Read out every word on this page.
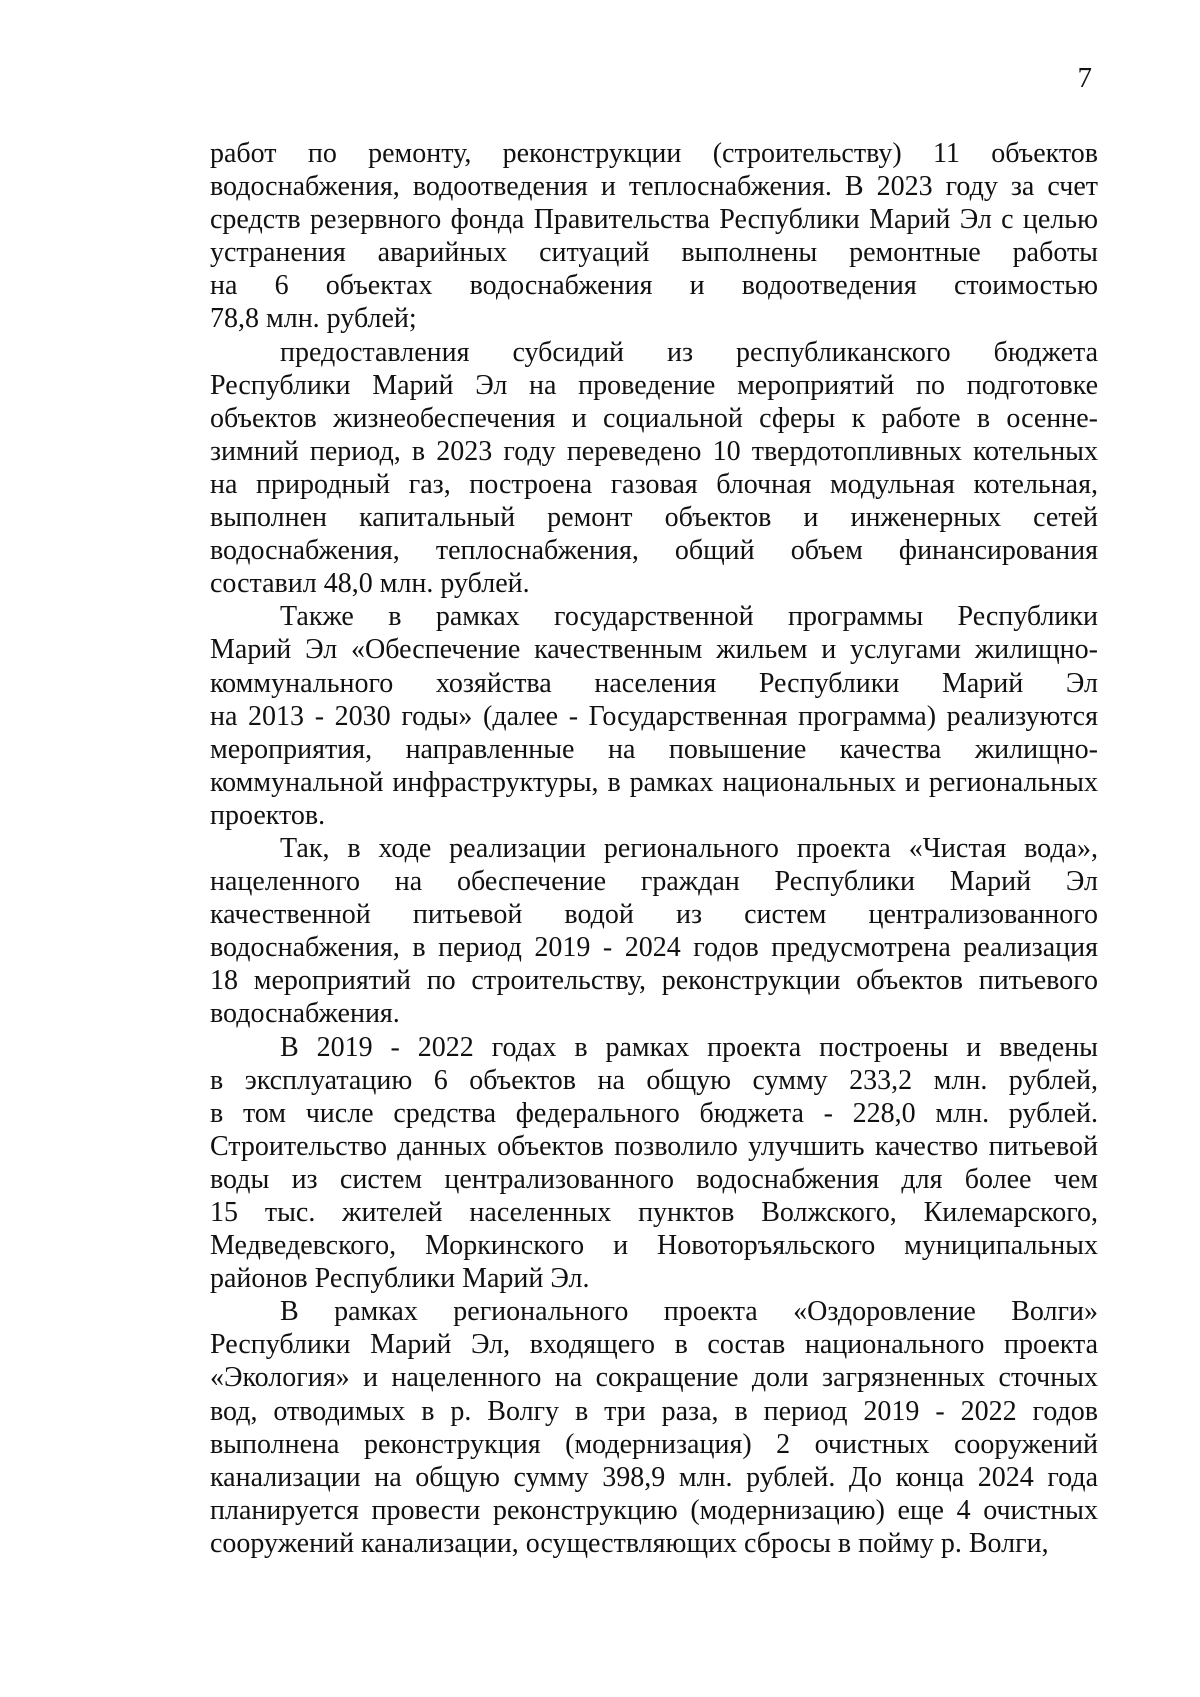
7
работ по ремонту, реконструкции (строительству) 11 объектов
водоснабжения, водоотведения и теплоснабжения. В 2023 году за счет
средств резервного фонда Правительства Республики Марий Эл с целью
устранения аварийных ситуаций выполнены ремонтные работы
на 6 объектах водоснабжения и водоотведения стоимостью
78,8 млн. рублей;
предоставления субсидий из республиканского бюджета
Республики Марий Эл на проведение мероприятий по подготовке
объектов жизнеобеспечения и социальной сферы к работе в осенне-
зимний период, в 2023 году переведено 10 твердотопливных котельных
на природный газ, построена газовая блочная модульная котельная,
выполнен капитальный ремонт объектов и инженерных сетей
водоснабжения, теплоснабжения, общий объем финансирования
составил 48,0 млн. рублей.
Также в рамках государственной программы Республики
Марий Эл «Обеспечение качественным жильем и услугами жилищно-
коммунального хозяйства населения Республики Марий Эл
на 2013 - 2030 годы» (далее - Государственная программа) реализуются
мероприятия, направленные на повышение качества жилищно-
коммунальной инфраструктуры, в рамках национальных и региональных
проектов.
Так, в ходе реализации регионального проекта «Чистая вода»,
нацеленного на обеспечение граждан Республики Марий Эл
качественной питьевой водой из систем централизованного
водоснабжения, в период 2019 - 2024 годов предусмотрена реализация
18 мероприятий по строительству, реконструкции объектов питьевого
водоснабжения.
В 2019 - 2022 годах в рамках проекта построены и введены
в эксплуатацию 6 объектов на общую сумму 233,2 млн. рублей,
в том числе средства федерального бюджета - 228,0 млн. рублей.
Строительство данных объектов позволило улучшить качество питьевой
воды из систем централизованного водоснабжения для более чем
15 тыс. жителей населенных пунктов Волжского, Килемарского,
Медведевского, Моркинского и Новоторъяльского муниципальных
районов Республики Марий Эл.
В рамках регионального проекта «Оздоровление Волги»
Республики Марий Эл, входящего в состав национального проекта
«Экология» и нацеленного на сокращение доли загрязненных сточных
вод, отводимых в р. Волгу в три раза, в период 2019 - 2022 годов
выполнена реконструкция (модернизация) 2 очистных сооружений
канализации на общую сумму 398,9 млн. рублей. До конца 2024 года
планируется провести реконструкцию (модернизацию) еще 4 очистных
сооружений канализации, осуществляющих сбросы в пойму р. Волги,
